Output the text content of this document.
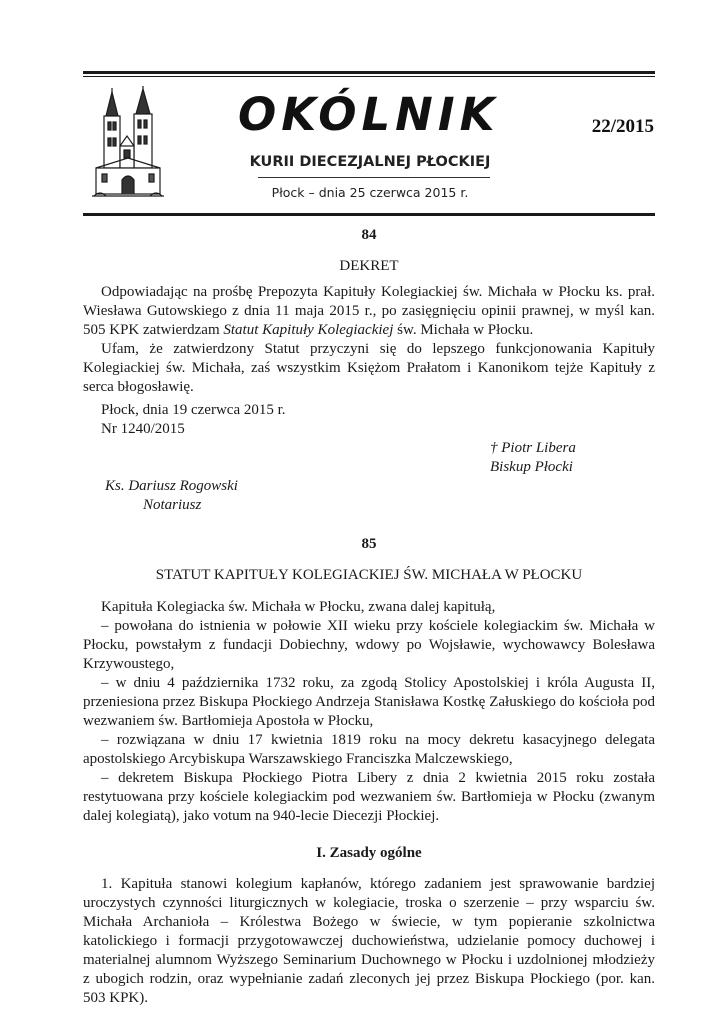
OKÓLNIK
KURII DIECEZJALNEJ PŁOCKIEJ
Płock – dnia 25 czerwca 2015 r.
22/2015

84

DEKRET

Odpowiadając na prośbę Prepozyta Kapituły Kolegiackiej św. Michała w Płocku ks. prał. Wiesława Gutowskiego z dnia 11 maja 2015 r., po zasięgnięciu opinii prawnej, w myśl kan. 505 KPK zatwierdzam Statut Kapituły Kolegiackiej św. Michała w Płocku.

Ufam, że zatwierdzony Statut przyczyni się do lepszego funkcjonowania Kapituły Kolegiackiej św. Michała, zaś wszystkim Księżom Prałatom i Kanonikom tejże Kapituły z serca błogosławię.

Płock, dnia 19 czerwca 2015 r.

Nr 1240/2015

† Piotr Libera

Biskup Płocki

Ks. Dariusz Rogowski

Notariusz

85

STATUT KAPITUŁY KOLEGIACKIEJ ŚW. MICHAŁA W PŁOCKU

Kapituła Kolegiacka św. Michała w Płocku, zwana dalej kapitułą,

– powołana do istnienia w połowie XII wieku przy kościele kolegiackim św. Michała w Płocku, powstałym z fundacji Dobiechny, wdowy po Wojsławie, wychowawcy Bolesława Krzywoustego,

– w dniu 4 października 1732 roku, za zgodą Stolicy Apostolskiej i króla Augusta II, przeniesiona przez Biskupa Płockiego Andrzeja Stanisława Kostkę Załuskiego do kościoła pod wezwaniem św. Bartłomieja Apostoła w Płocku,

– rozwiązana w dniu 17 kwietnia 1819 roku na mocy dekretu kasacyjnego delegata apostolskiego Arcybiskupa Warszawskiego Franciszka Malczewskiego,

– dekretem Biskupa Płockiego Piotra Libery z dnia 2 kwietnia 2015 roku została restytuowana przy kościele kolegiackim pod wezwaniem św. Bartłomieja w Płocku (zwanym dalej kolegiatą), jako votum na 940-lecie Diecezji Płockiej.

I. Zasady ogólne

1. Kapituła stanowi kolegium kapłanów, którego zadaniem jest sprawowanie bardziej uroczystych czynności liturgicznych w kolegiacie, troska o szerzenie – przy wsparciu św. Michała Archanioła – Królestwa Bożego w świecie, w tym popieranie szkolnictwa katolickiego i formacji przygotowawczej duchowieństwa, udzielanie pomocy duchowej i materialnej alumnom Wyższego Seminarium Duchownego w Płocku i uzdolnionej młodzieży z ubogich rodzin, oraz wypełnianie zadań zleconych jej przez Biskupa Płockiego (por. kan. 503 KPK).
